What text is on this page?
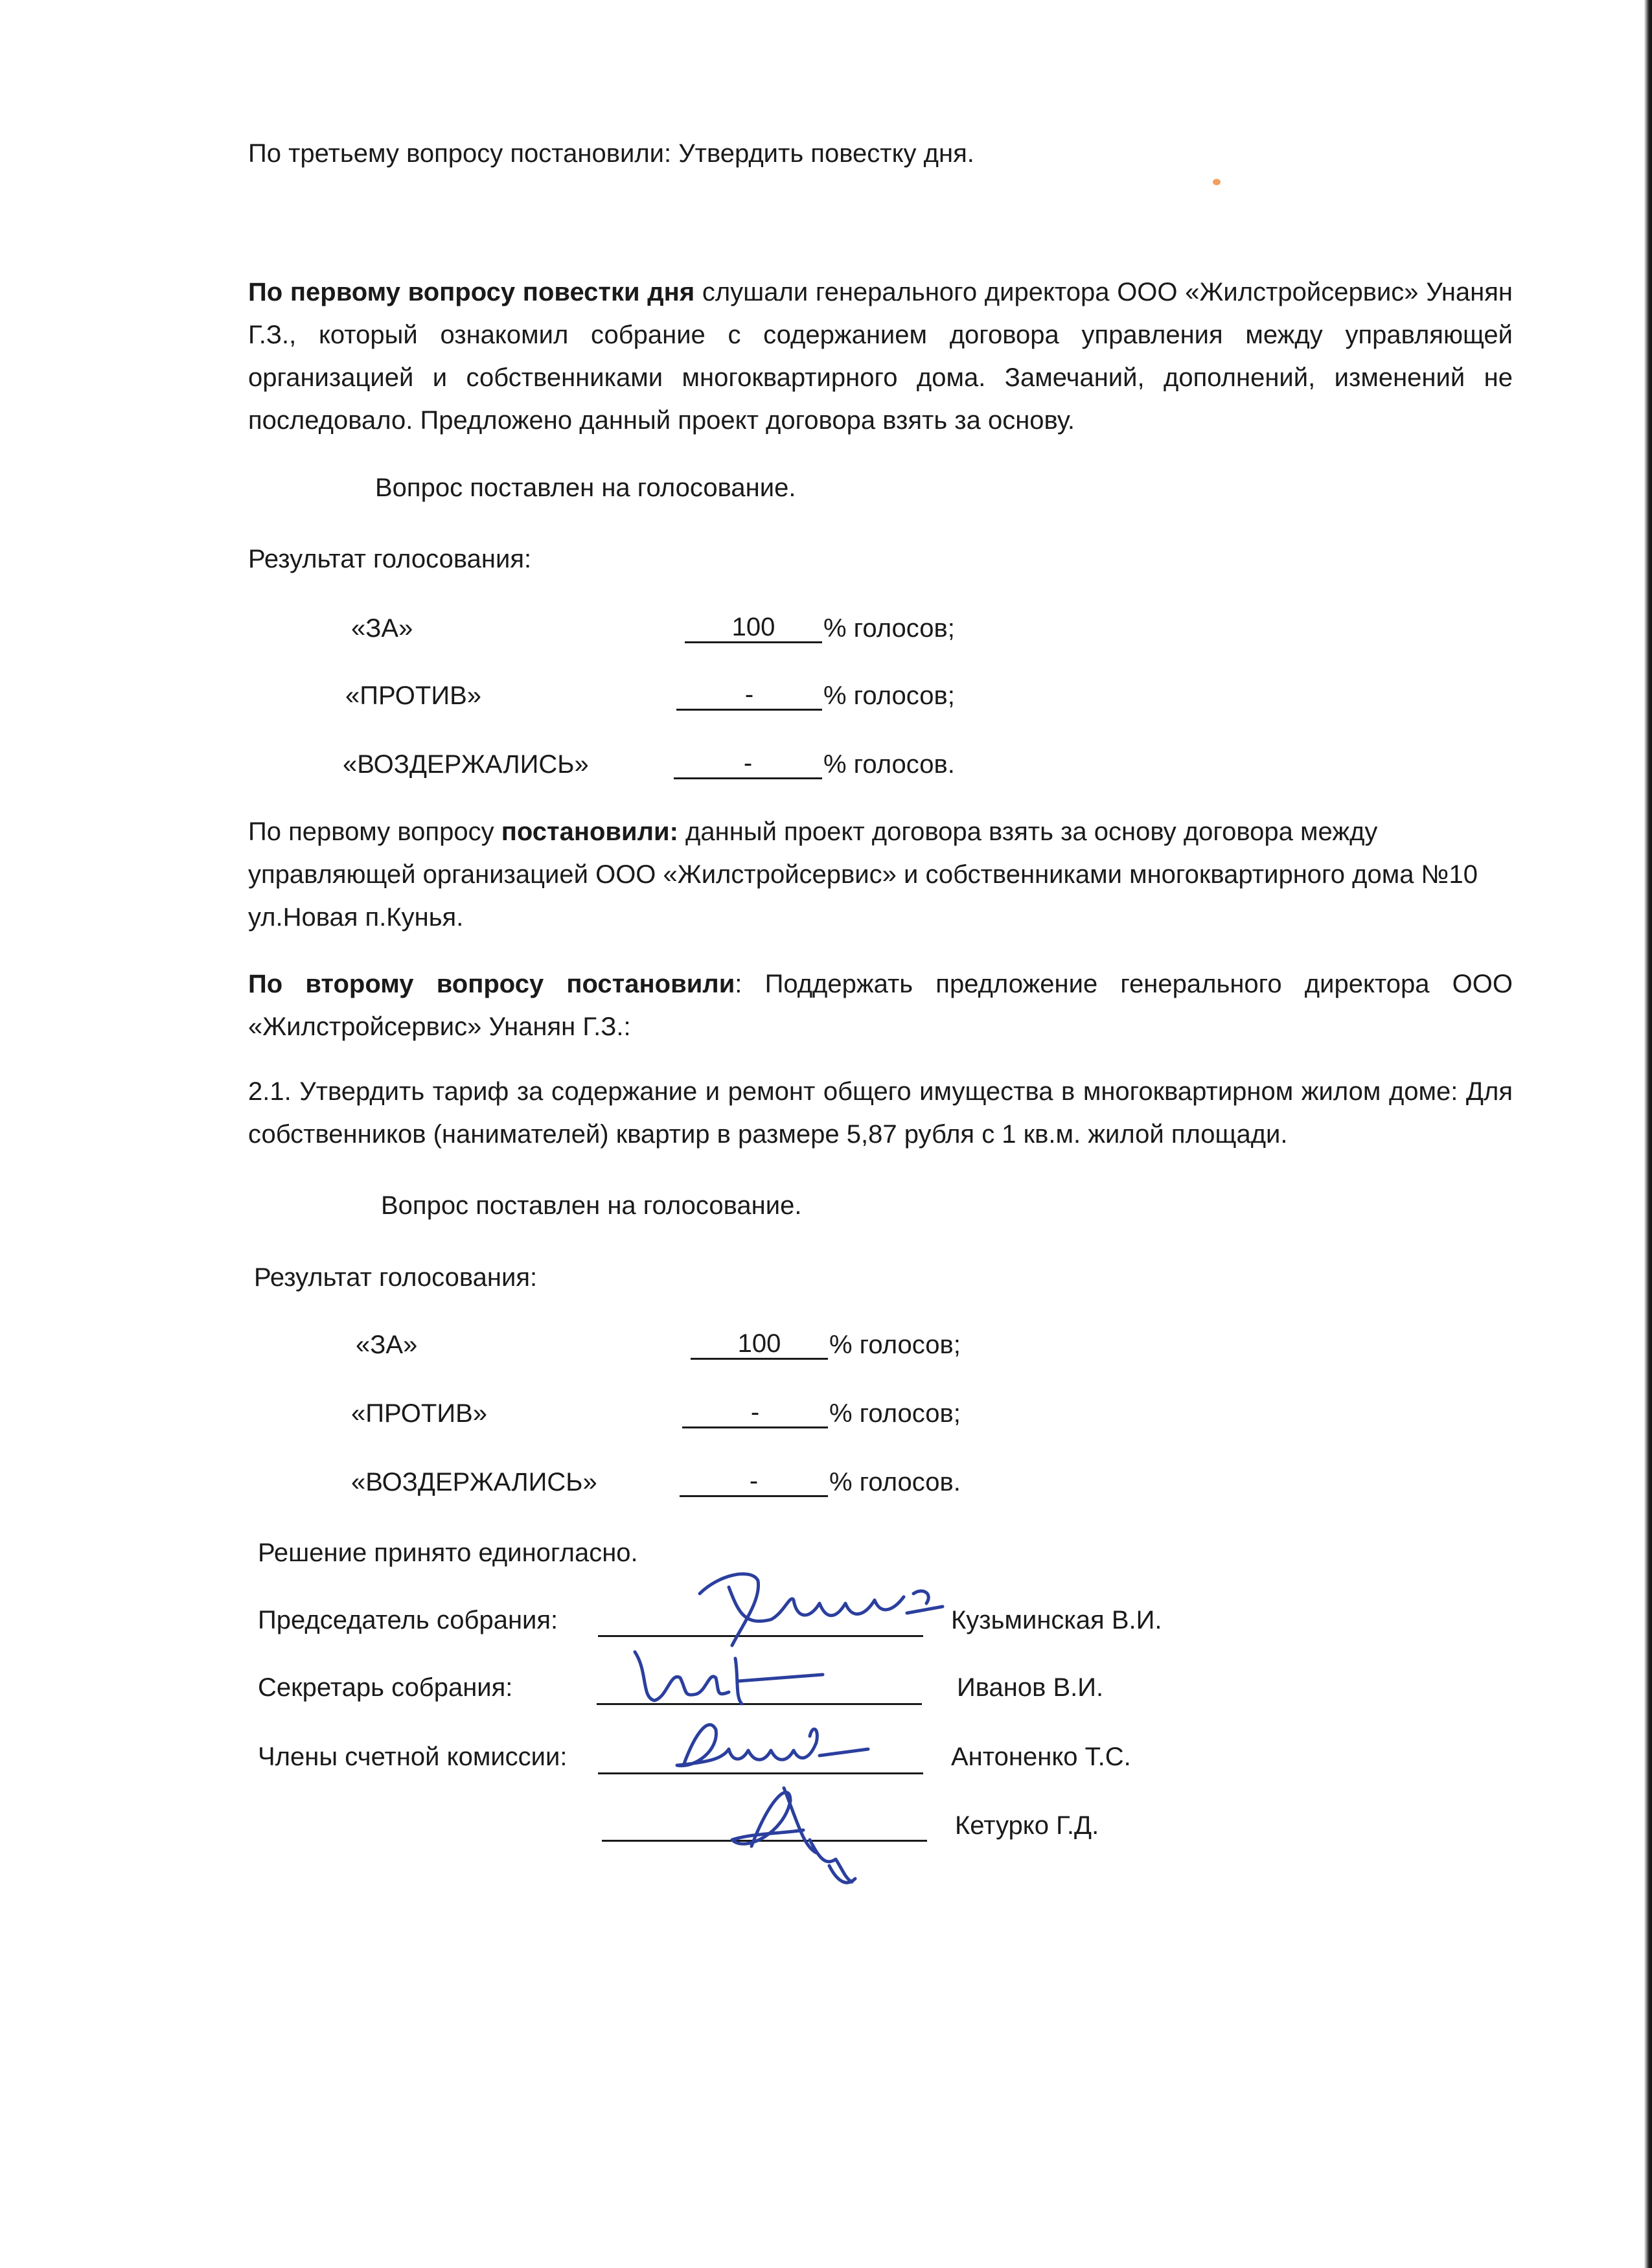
По третьему вопросу постановили: Утвердить повестку дня.
По первому вопросу повестки дня слушали генерального директора ООО «Жилстройсервис» Унанян Г.З., который ознакомил собрание с содержанием договора управления между управляющей организацией и собственниками многоквартирного дома. Замечаний, дополнений, изменений не последовало. Предложено данный проект договора взять за основу.
Вопрос поставлен на голосование.
Результат голосования:
«ЗА»	100	% голосов;
«ПРОТИВ»	-	% голосов;
«ВОЗДЕРЖАЛИСЬ»	-	% голосов.
По первому вопросу постановили: данный проект договора взять за основу договора между управляющей организацией ООО «Жилстройсервис» и собственниками многоквартирного дома №10 ул.Новая п.Кунья.
По второму вопросу постановили: Поддержать предложение генерального директора ООО «Жилстройсервис» Унанян Г.З.:
2.1. Утвердить тариф за содержание и ремонт общего имущества в многоквартирном жилом доме: Для собственников (нанимателей) квартир в размере 5,87 рубля с 1 кв.м. жилой площади.
Вопрос поставлен на голосование.
Результат голосования:
«ЗА»	100	% голосов;
«ПРОТИВ»	-	% голосов;
«ВОЗДЕРЖАЛИСЬ»	-	% голосов.
Решение принято единогласно.
Председатель собрания:	Кузьминская В.И.
Секретарь собрания:	Иванов В.И.
Члены счетной комиссии:	Антоненко Т.С.
Кетурко Г.Д.
